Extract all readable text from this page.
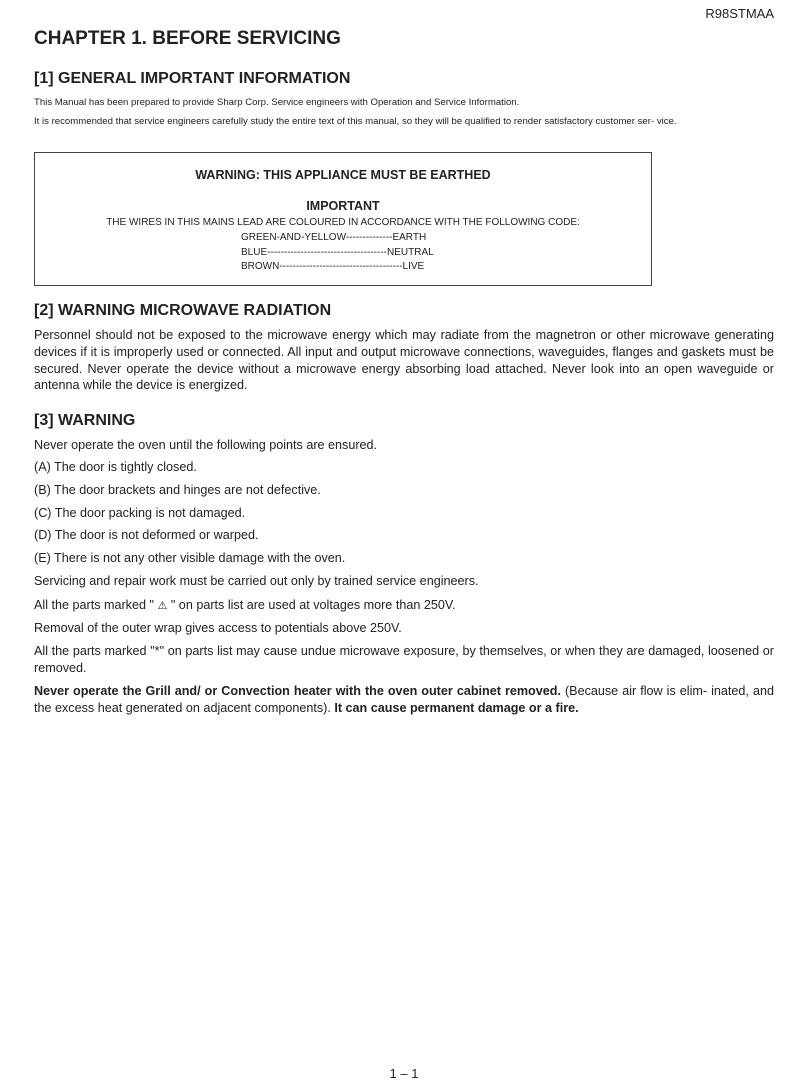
R98STMAA
CHAPTER 1. BEFORE SERVICING
[1] GENERAL IMPORTANT INFORMATION

This Manual has been prepared to provide Sharp Corp. Service engineers with Operation and Service Information.

It is recommended that service engineers carefully study the entire text of this manual, so they will be qualified to render satisfactory customer ser- vice.

WARNING: THIS APPLIANCE MUST BE EARTHED
IMPORTANT
THE WIRES IN THIS MAINS LEAD ARE COLOURED IN ACCORDANCE WITH THE FOLLOWING CODE:
GREEN-AND-YELLOW--------------EARTH
BLUE------------------------------------NEUTRAL
BROWN-------------------------------------LIVE
[2] WARNING MICROWAVE RADIATION

Personnel should not be exposed to the microwave energy which may radiate from the magnetron or other microwave generating devices if it is improperly used or connected. All input and output microwave connections, waveguides, flanges and gaskets must be secured. Never operate the device without a microwave energy absorbing load attached. Never look into an open waveguide or antenna while the device is energized.

[3] WARNING

Never operate the oven until the following points are ensured.

(A) The door is tightly closed.

(B) The door brackets and hinges are not defective.

(C) The door packing is not damaged.

(D) The door is not deformed or warped.

(E) There is not any other visible damage with the oven.

Servicing and repair work must be carried out only by trained service engineers.

All the parts marked " ⚠ " on parts list are used at voltages more than 250V.

Removal of the outer wrap gives access to potentials above 250V.

All the parts marked "*" on parts list may cause undue microwave exposure, by themselves, or when they are damaged, loosened or removed.

Never operate the Grill and/ or Convection heater with the oven outer cabinet removed. (Because air flow is elim- inated, and the excess heat generated on adjacent components). It can cause permanent damage or a fire.

1 – 1
